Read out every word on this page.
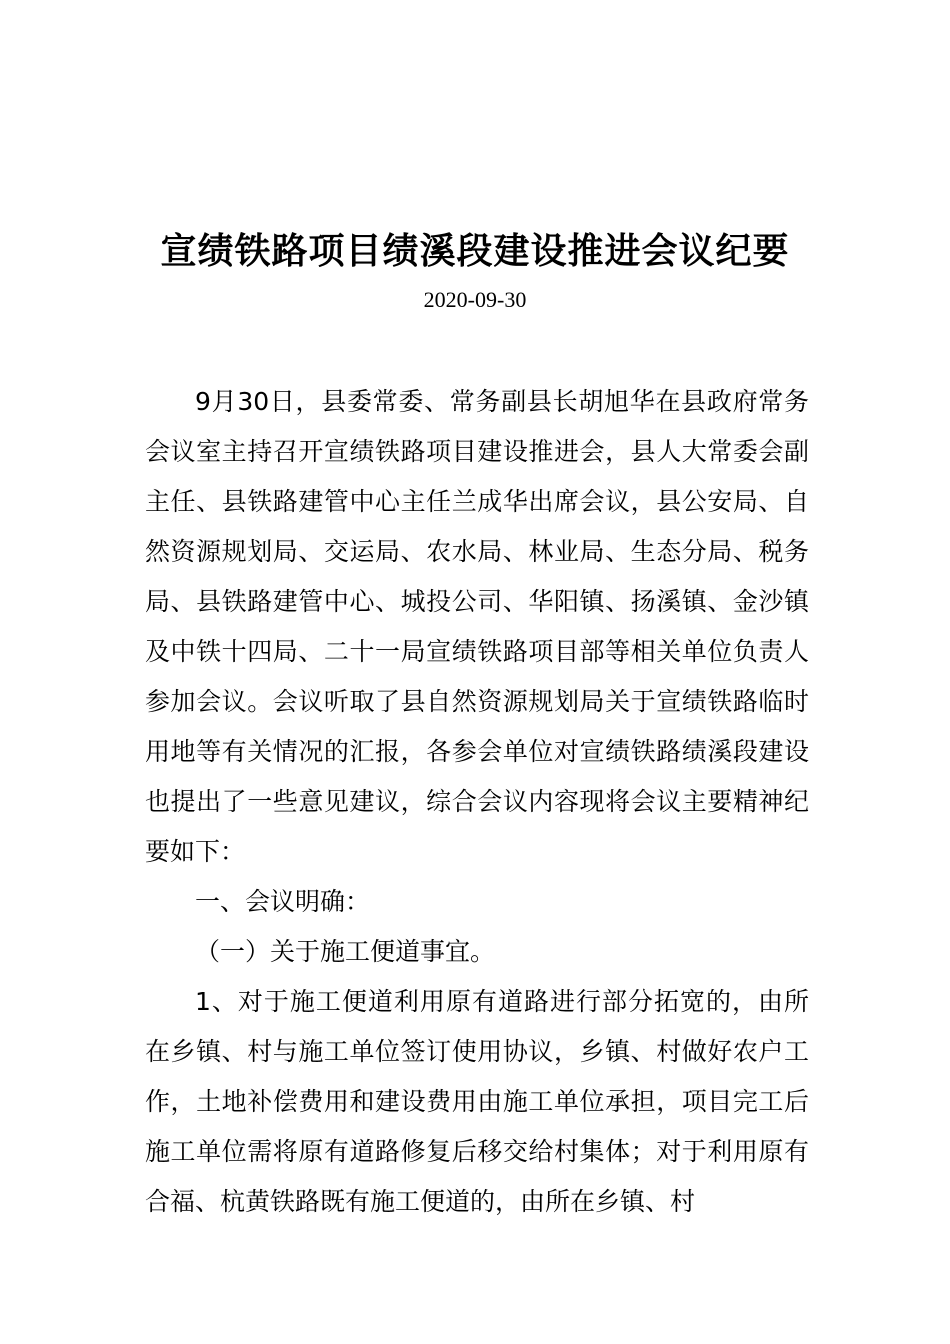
宣绩铁路项目绩溪段建设推进会议纪要
2020-09-30

9月30日，县委常委、常务副县长胡旭华在县政府常务会议室主持召开宣绩铁路项目建设推进会，县人大常委会副主任、县铁路建管中心主任兰成华出席会议，县公安局、自然资源规划局、交运局、农水局、林业局、生态分局、税务局、县铁路建管中心、城投公司、华阳镇、扬溪镇、金沙镇及中铁十四局、二十一局宣绩铁路项目部等相关单位负责人参加会议。会议听取了县自然资源规划局关于宣绩铁路临时用地等有关情况的汇报，各参会单位对宣绩铁路绩溪段建设也提出了一些意见建议，综合会议内容现将会议主要精神纪要如下：

一、会议明确：

（一）关于施工便道事宜。

1、对于施工便道利用原有道路进行部分拓宽的，由所在乡镇、村与施工单位签订使用协议，乡镇、村做好农户工作，土地补偿费用和建设费用由施工单位承担，项目完工后施工单位需将原有道路修复后移交给村集体；对于利用原有合福、杭黄铁路既有施工便道的，由所在乡镇、村
